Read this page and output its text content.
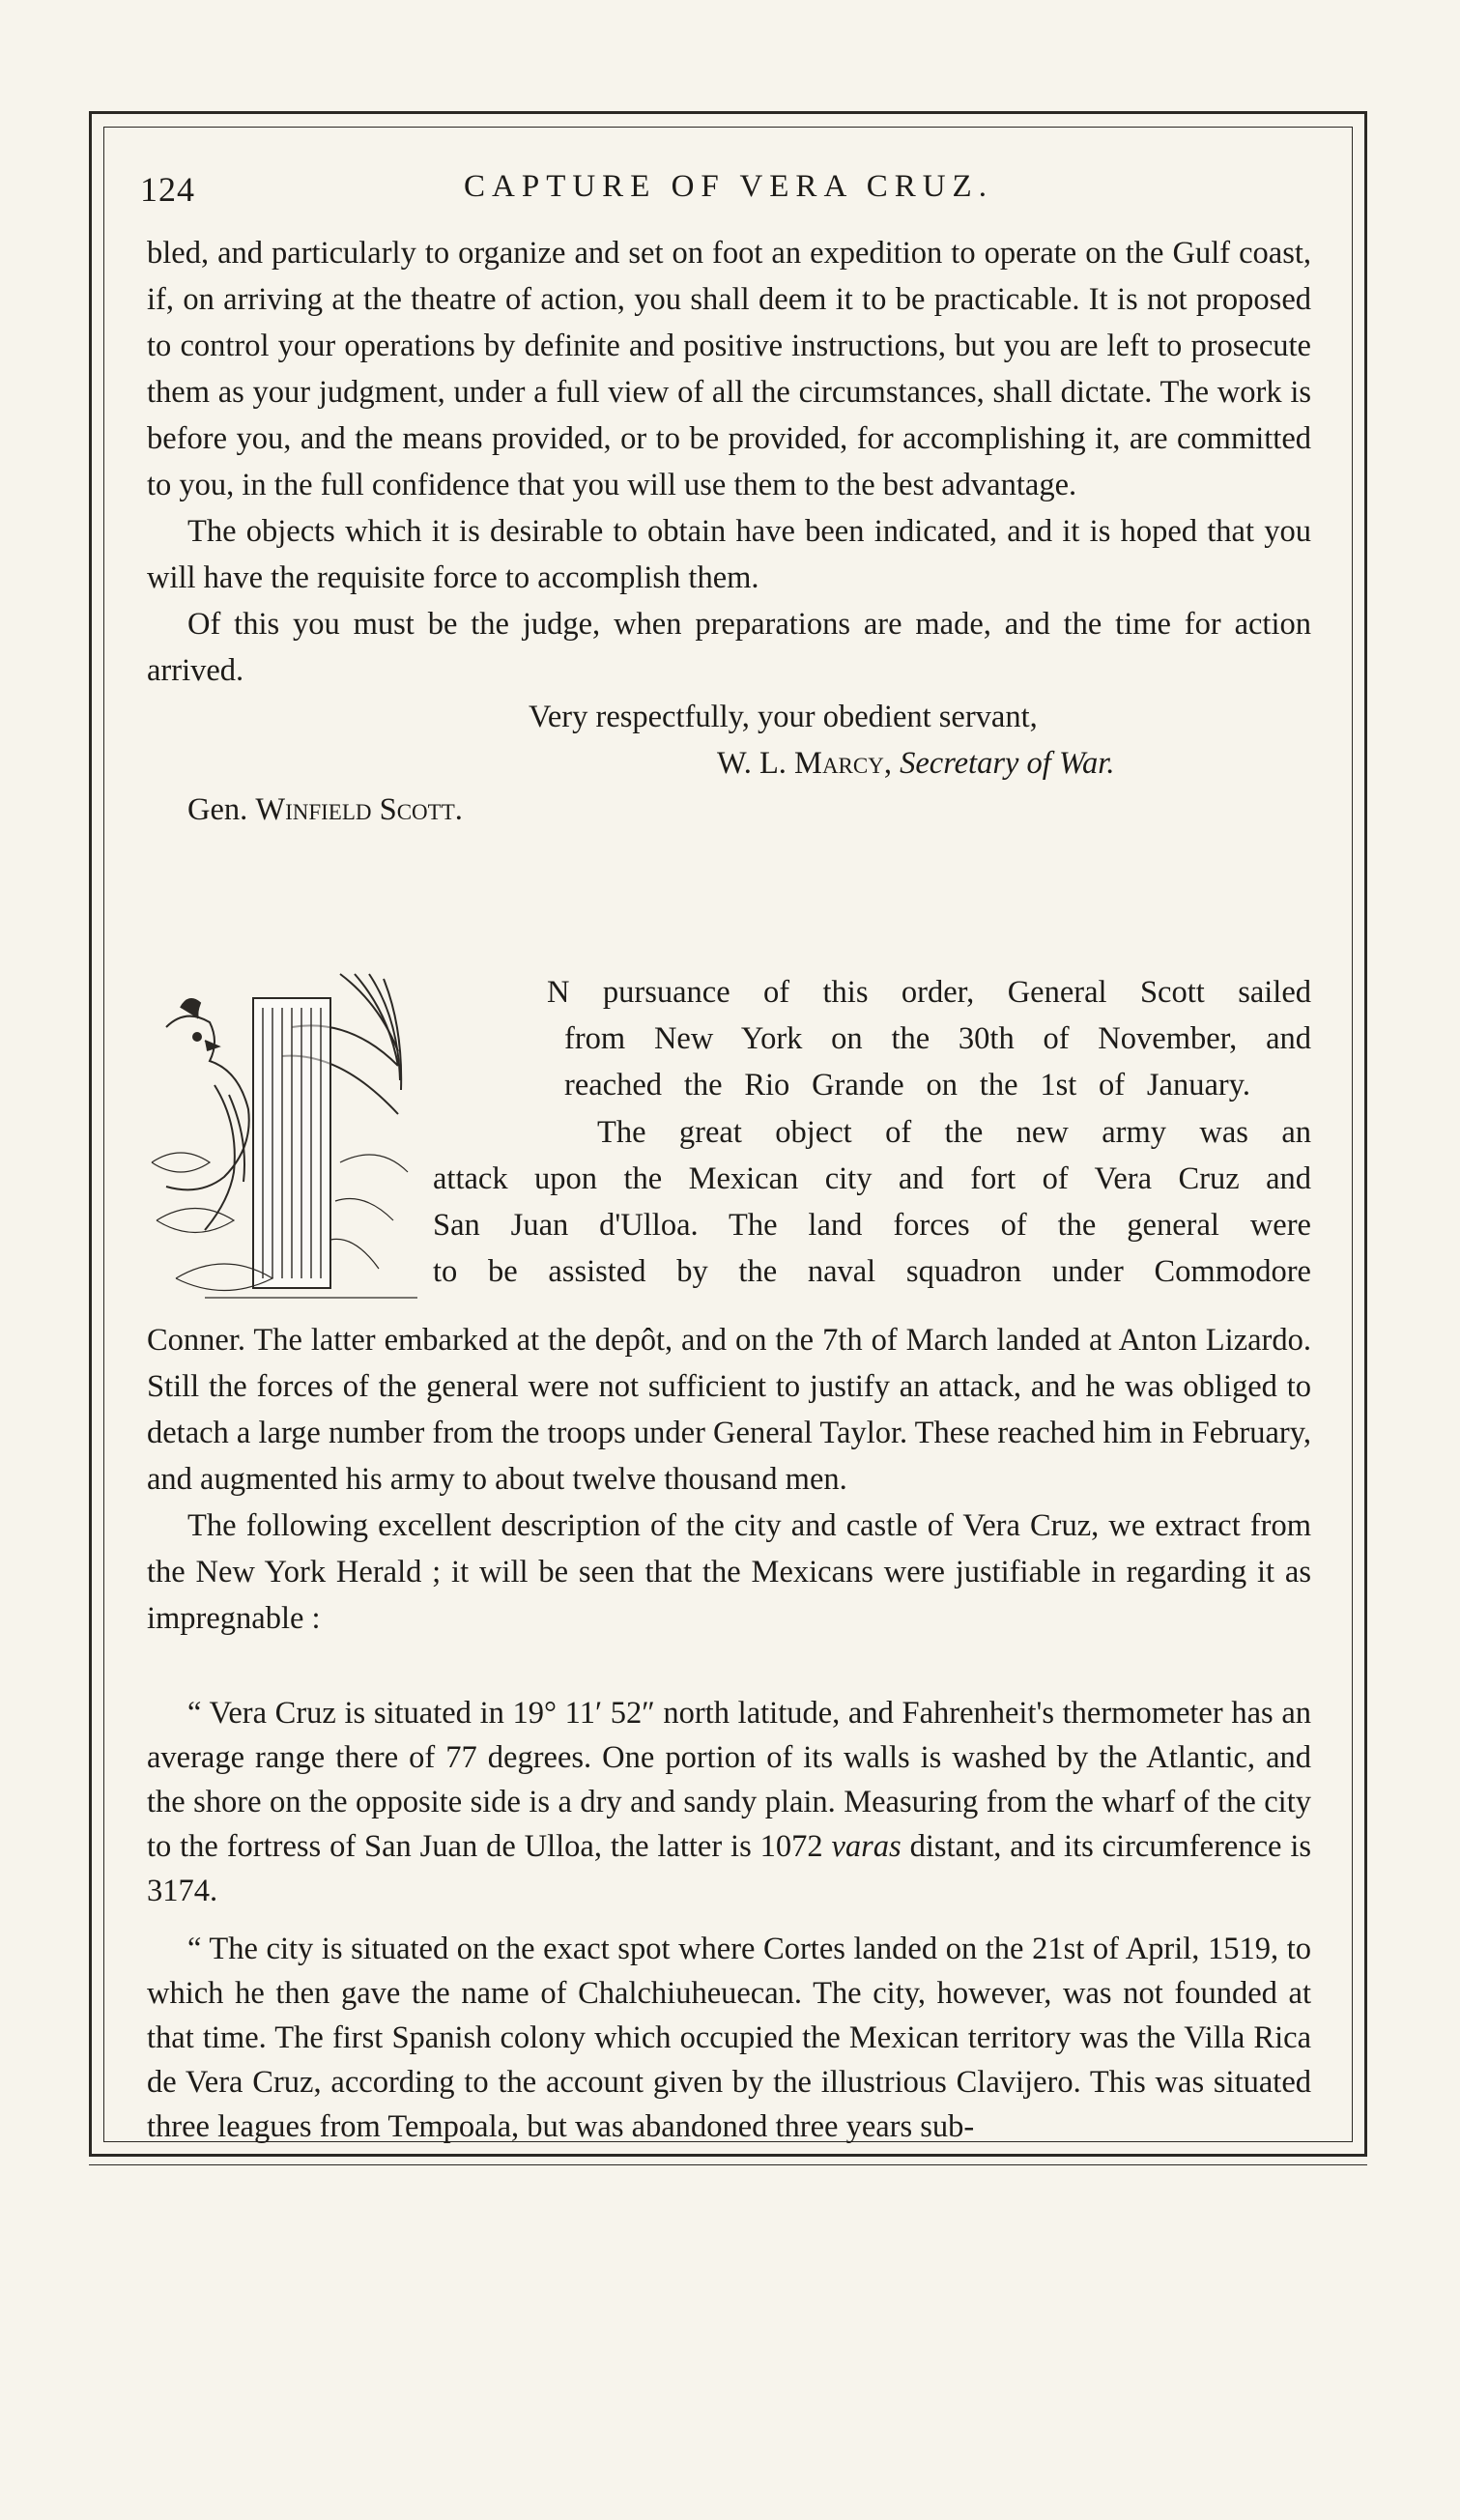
124	CAPTURE OF VERA CRUZ.

bled, and particularly to organize and set on foot an expedition to operate on the Gulf coast, if, on arriving at the theatre of action, you shall deem it to be practicable. It is not proposed to control your operations by definite and positive instructions, but you are left to prosecute them as your judgment, under a full view of all the circumstances, shall dictate. The work is before you, and the means provided, or to be provided, for accomplishing it, are committed to you, in the full confidence that you will use them to the best advantage.

The objects which it is desirable to obtain have been indicated, and it is hoped that you will have the requisite force to accomplish them.

Of this you must be the judge, when preparations are made, and the time for action arrived.

Very respectfully, your obedient servant,

W. L. Marcy, Secretary of War.

Gen. Winfield Scott.

N pursuance of this order, General Scott sailed
from New York on the 30th of November, and
reached the Rio Grande on the 1st of January.
The great object of the new army was an
attack upon the Mexican city and fort of Vera Cruz and
San Juan d'Ulloa. The land forces of the general were
to be assisted by the naval squadron under Commodore

Conner. The latter embarked at the depôt, and on the 7th of March landed at Anton Lizardo. Still the forces of the general were not sufficient to justify an attack, and he was obliged to detach a large number from the troops under General Taylor. These reached him in February, and augmented his army to about twelve thousand men.

The following excellent description of the city and castle of Vera Cruz, we extract from the New York Herald ; it will be seen that the Mexicans were justifiable in regarding it as impregnable :

“ Vera Cruz is situated in 19° 11′ 52″ north latitude, and Fahrenheit's thermometer has an average range there of 77 degrees. One portion of its walls is washed by the Atlantic, and the shore on the opposite side is a dry and sandy plain. Measuring from the wharf of the city to the fortress of San Juan de Ulloa, the latter is 1072 varas distant, and its circumference is 3174.

“ The city is situated on the exact spot where Cortes landed on the 21st of April, 1519, to which he then gave the name of Chalchiuheuecan. The city, however, was not founded at that time. The first Spanish colony which occupied the Mexican territory was the Villa Rica de Vera Cruz, according to the account given by the illustrious Clavijero. This was situated three leagues from Tempoala, but was abandoned three years sub-
